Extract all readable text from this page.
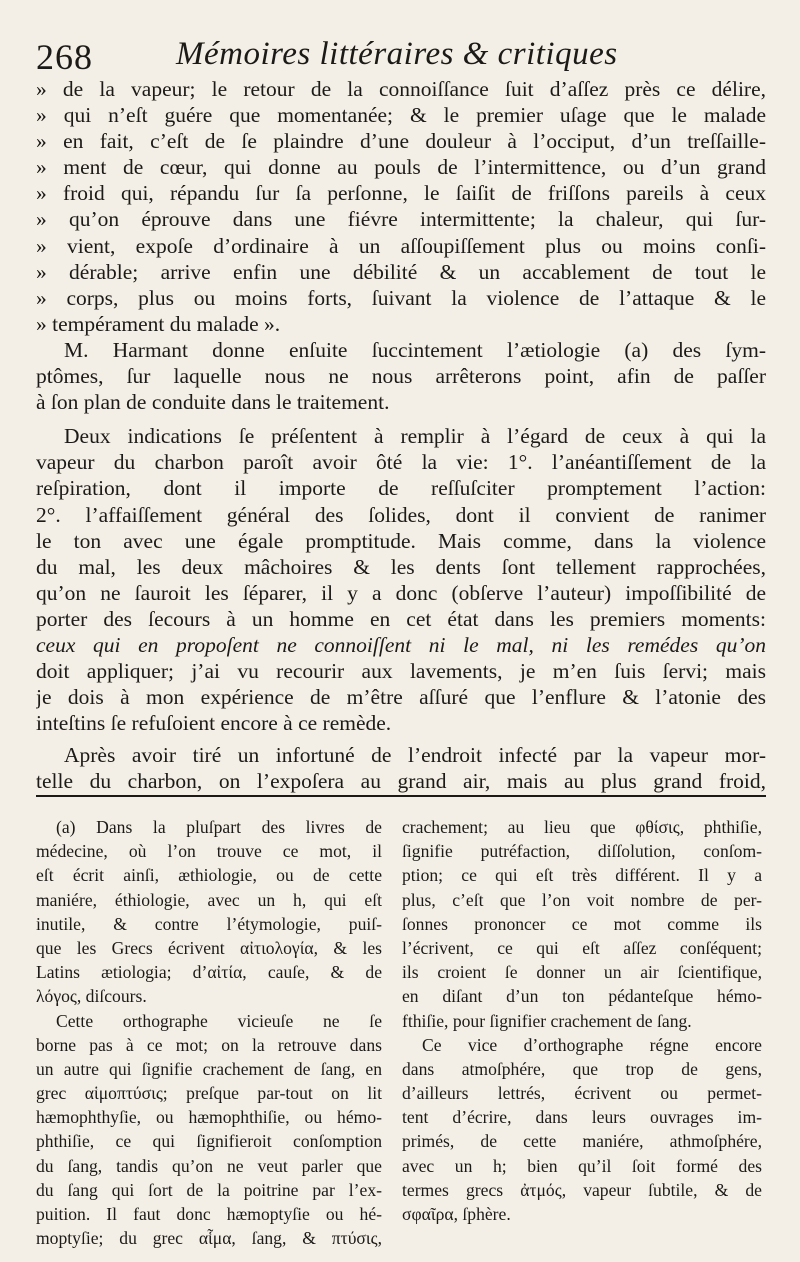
268	Mémoires littéraires & critiques
» de la vapeur; le retour de la connoiſſance ſuit d’aſſez près ce délire,
» qui n’eſt guére que momentanée; & le premier uſage que le malade
» en fait, c’eſt de ſe plaindre d’une douleur à l’occiput, d’un treſſaille-
» ment de cœur, qui donne au pouls de l’intermittence, ou d’un grand
» froid qui, répandu ſur ſa perſonne, le ſaiſit de friſſons pareils à ceux
» qu’on éprouve dans une fiévre intermittente; la chaleur, qui ſur-
» vient, expoſe d’ordinaire à un aſſoupiſſement plus ou moins conſi-
» dérable; arrive enfin une débilité & un accablement de tout le
» corps, plus ou moins forts, ſuivant la violence de l’attaque & le
» tempérament du malade ».
M. Harmant donne enſuite ſuccintement l’ætiologie (a) des ſym-
ptômes, ſur laquelle nous ne nous arrêterons point, afin de paſſer
à ſon plan de conduite dans le traitement.
Deux indications ſe préſentent à remplir à l’égard de ceux à qui la
vapeur du charbon paroît avoir ôté la vie: 1°. l’anéantiſſement de la
reſpiration, dont il importe de reſſuſciter promptement l’action:
2°. l’affaiſſement général des ſolides, dont il convient de ranimer
le ton avec une égale promptitude. Mais comme, dans la violence
du mal, les deux mâchoires & les dents ſont tellement rapprochées,
qu’on ne ſauroit les ſéparer, il y a donc (obſerve l’auteur) impoſſibilité de
porter des ſecours à un homme en cet état dans les premiers moments:
ceux qui en propoſent ne connoiſſent ni le mal, ni les remédes qu’on
doit appliquer; j’ai vu recourir aux lavements, je m’en ſuis ſervi; mais
je dois à mon expérience de m’être aſſuré que l’enflure & l’atonie des
inteſtins ſe refuſoient encore à ce remède.
Après avoir tiré un infortuné de l’endroit infecté par la vapeur mor-
telle du charbon, on l’expoſera au grand air, mais au plus grand froid,
(a) Dans la pluſpart des livres de
médecine, où l’on trouve ce mot, il
eſt écrit ainſi, æthiologie, ou de cette
maniére, éthiologie, avec un h, qui eſt
inutile, & contre l’étymologie, puiſ-
que les Grecs écrivent αἰτιολογία, & les
Latins ætiologia; d’αἰτία, cauſe, & de
λόγος, diſcours.
Cette orthographe vicieuſe ne ſe
borne pas à ce mot; on la retrouve dans
un autre qui ſignifie crachement de ſang, en
grec αἱμοπτύσις; preſque par-tout on lit
hæmophthyſie, ou hæmophthiſie, ou hémo-
phthiſie, ce qui ſignifieroit conſomption
du ſang, tandis qu’on ne veut parler que
du ſang qui ſort de la poitrine par l’ex-
puition. Il faut donc hæmoptyſie ou hé-
moptyſie; du grec αἷμα, ſang, & πτύσις,
crachement; au lieu que φθίσις, phthiſie,
ſignifie putréfaction, diſſolution, conſom-
ption; ce qui eſt très différent. Il y a
plus, c’eſt que l’on voit nombre de per-
ſonnes prononcer ce mot comme ils
l’écrivent, ce qui eſt aſſez conſéquent;
ils croient ſe donner un air ſcientifique,
en diſant d’un ton pédanteſque hémo-
fthiſie, pour ſignifier crachement de ſang.
Ce vice d’orthographe régne encore
dans atmoſphére, que trop de gens,
d’ailleurs lettrés, écrivent ou permet-
tent d’écrire, dans leurs ouvrages im-
primés, de cette maniére, athmoſphére,
avec un h; bien qu’il ſoit formé des
termes grecs ἀτμός, vapeur ſubtile, & de
σφαῖρα, ſphère.
